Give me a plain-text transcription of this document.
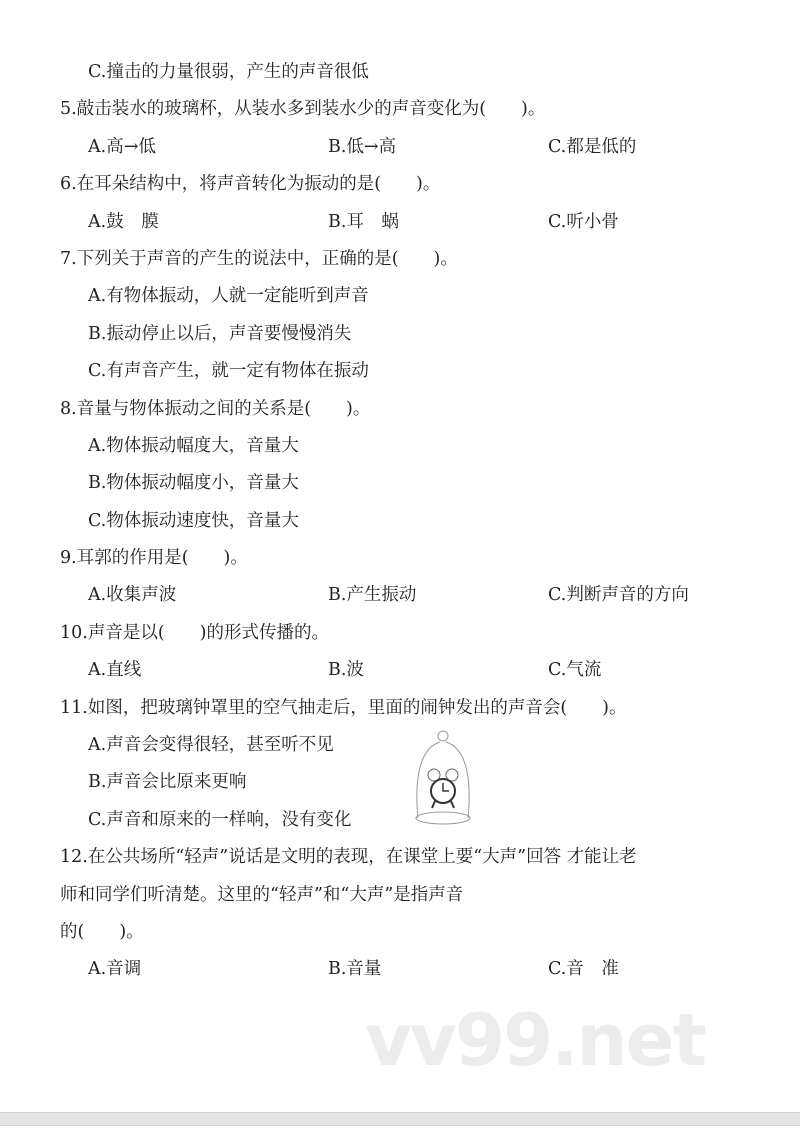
C.撞击的力量很弱，产生的声音很低
5.敲击装水的玻璃杯，从装水多到装水少的声音变化为(　　)。
A.高→低	B.低→高	C.都是低的
6.在耳朵结构中，将声音转化为振动的是(　　)。
A.鼓　膜	B.耳　蜗	C.听小骨
7.下列关于声音的产生的说法中，正确的是(　　)。
A.有物体振动，人就一定能听到声音
B.振动停止以后，声音要慢慢消失
C.有声音产生，就一定有物体在振动
8.音量与物体振动之间的关系是(　　)。
A.物体振动幅度大，音量大
B.物体振动幅度小，音量大
C.物体振动速度快，音量大
9.耳郭的作用是(　　)。
A.收集声波	B.产生振动	C.判断声音的方向
10.声音是以(　　)的形式传播的。
A.直线	B.波	C.气流
11.如图，把玻璃钟罩里的空气抽走后，里面的闹钟发出的声音会(　　)。
A.声音会变得很轻，甚至听不见
B.声音会比原来更响
C.声音和原来的一样响，没有变化
12.在公共场所“轻声”说话是文明的表现，在课堂上要“大声”回答 才能让老
师和同学们听清楚。这里的“轻声”和“大声”是指声音
的(　　)。
A.音调	B.音量	C.音　准
vv99.net
